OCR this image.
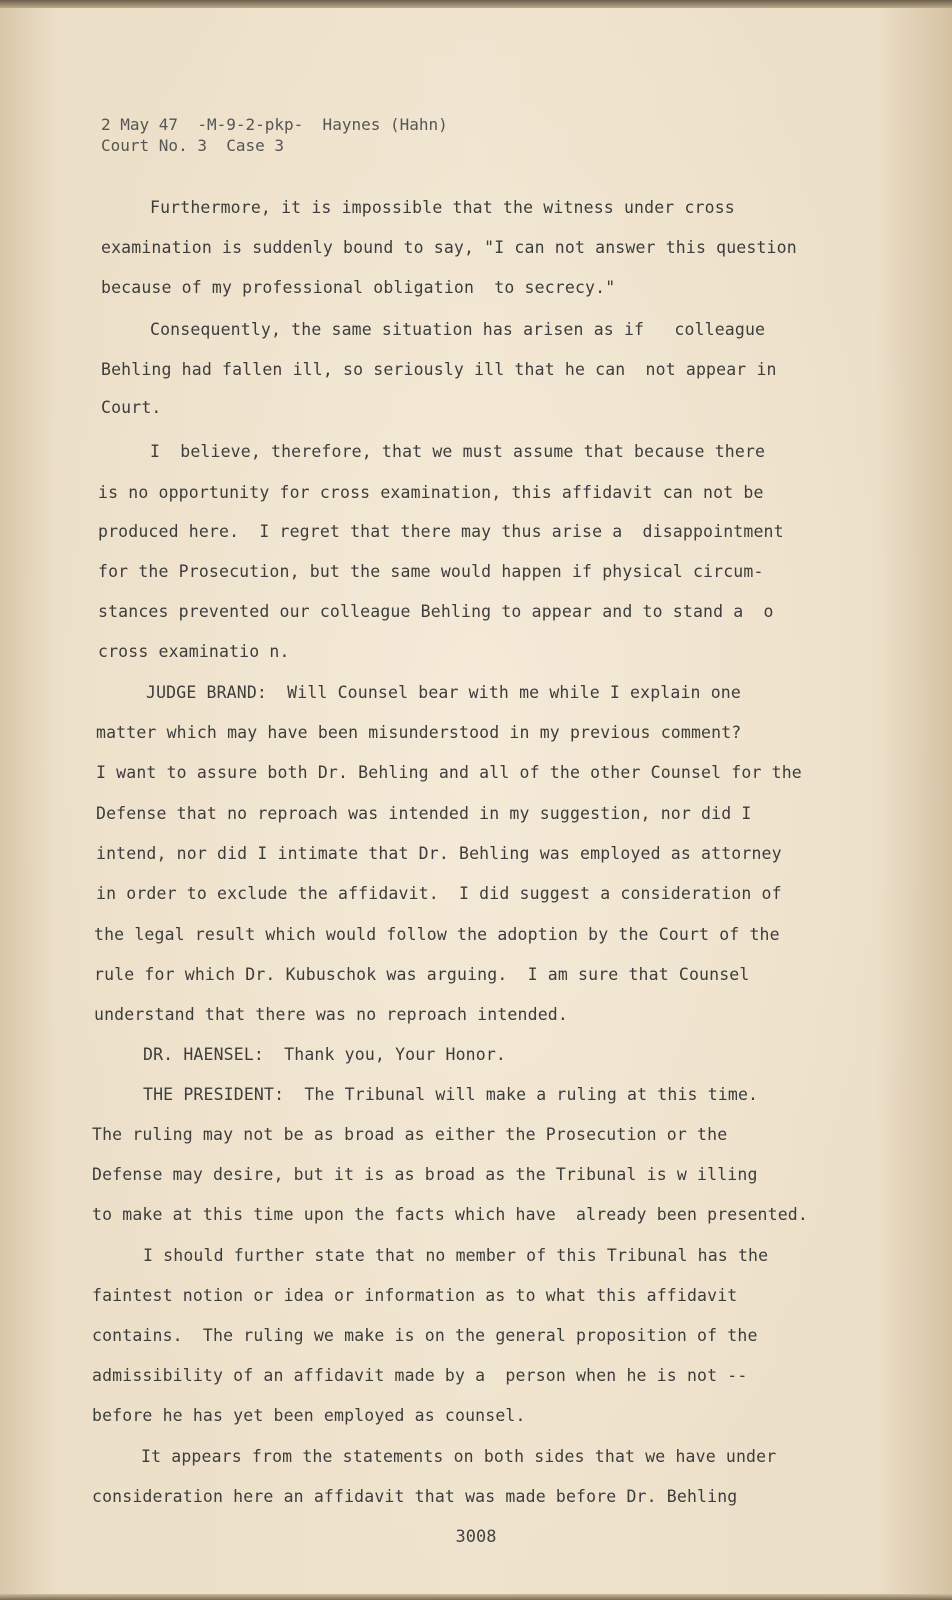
2 May 47  -M-9-2-pkp-  Haynes (Hahn)
Court No. 3  Case 3
Furthermore, it is impossible that the witness under cross
examination is suddenly bound to say, "I can not answer this question
because of my professional obligation  to secrecy."
Consequently, the same situation has arisen as if   colleague
Behling had fallen ill, so seriously ill that he can  not appear in
Court.
I  believe, therefore, that we must assume that because there
is no opportunity for cross examination, this affidavit can not be
produced here.  I regret that there may thus arise a  disappointment
for the Prosecution, but the same would happen if physical circum-
stances prevented our colleague Behling to appear and to stand a  o
cross examinatio n.
JUDGE BRAND:  Will Counsel bear with me while I explain one
matter which may have been misunderstood in my previous comment?
I want to assure both Dr. Behling and all of the other Counsel for the
Defense that no reproach was intended in my suggestion, nor did I
intend, nor did I intimate that Dr. Behling was employed as attorney
in order to exclude the affidavit.  I did suggest a consideration of
the legal result which would follow the adoption by the Court of the
rule for which Dr. Kubuschok was arguing.  I am sure that Counsel
understand that there was no reproach intended.
DR. HAENSEL:  Thank you, Your Honor.
THE PRESIDENT:  The Tribunal will make a ruling at this time.
The ruling may not be as broad as either the Prosecution or the
Defense may desire, but it is as broad as the Tribunal is w illing
to make at this time upon the facts which have  already been presented.
I should further state that no member of this Tribunal has the
faintest notion or idea or information as to what this affidavit
contains.  The ruling we make is on the general proposition of the
admissibility of an affidavit made by a  person when he is not --
before he has yet been employed as counsel.
It appears from the statements on both sides that we have under
consideration here an affidavit that was made before Dr. Behling
3008
